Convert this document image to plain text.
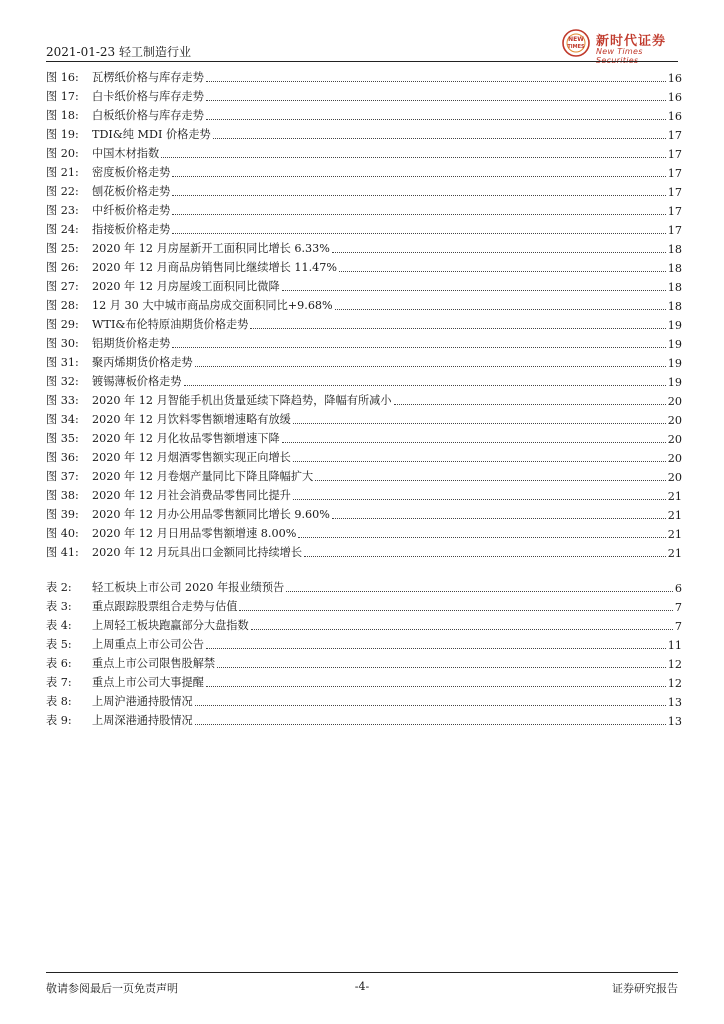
2021-01-23 轻工制造行业
NEW
TIMES 新时代证券
New Times Securities
图 16:	瓦楞纸价格与库存走势	16
图 17:	白卡纸价格与库存走势	16
图 18:	白板纸价格与库存走势	16
图 19:	TDI&纯 MDI 价格走势	17
图 20:	中国木材指数	17
图 21:	密度板价格走势	17
图 22:	刨花板价格走势	17
图 23:	中纤板价格走势	17
图 24:	指接板价格走势	17
图 25:	2020 年 12 月房屋新开工面积同比增长 6.33%	18
图 26:	2020 年 12 月商品房销售同比继续增长 11.47%	18
图 27:	2020 年 12 月房屋竣工面积同比微降	18
图 28:	12 月 30 大中城市商品房成交面积同比+9.68%	18
图 29:	WTI&布伦特原油期货价格走势	19
图 30:	铝期货价格走势	19
图 31:	聚丙烯期货价格走势	19
图 32:	镀锡薄板价格走势	19
图 33:	2020 年 12 月智能手机出货量延续下降趋势，降幅有所减小	20
图 34:	2020 年 12 月饮料零售额增速略有放缓	20
图 35:	2020 年 12 月化妆品零售额增速下降	20
图 36:	2020 年 12 月烟酒零售额实现正向增长	20
图 37:	2020 年 12 月卷烟产量同比下降且降幅扩大	20
图 38:	2020 年 12 月社会消费品零售同比提升	21
图 39:	2020 年 12 月办公用品零售额同比增长 9.60%	21
图 40:	2020 年 12 月日用品零售额增速 8.00%	21
图 41:	2020 年 12 月玩具出口金额同比持续增长	21
表 2:	轻工板块上市公司 2020 年报业绩预告	6
表 3:	重点跟踪股票组合走势与估值	7
表 4:	上周轻工板块跑赢部分大盘指数	7
表 5:	上周重点上市公司公告	11
表 6:	重点上市公司限售股解禁	12
表 7:	重点上市公司大事提醒	12
表 8:	上周沪港通持股情况	13
表 9:	上周深港通持股情况	13
敬请参阅最后一页免责声明	-4-	证券研究报告
